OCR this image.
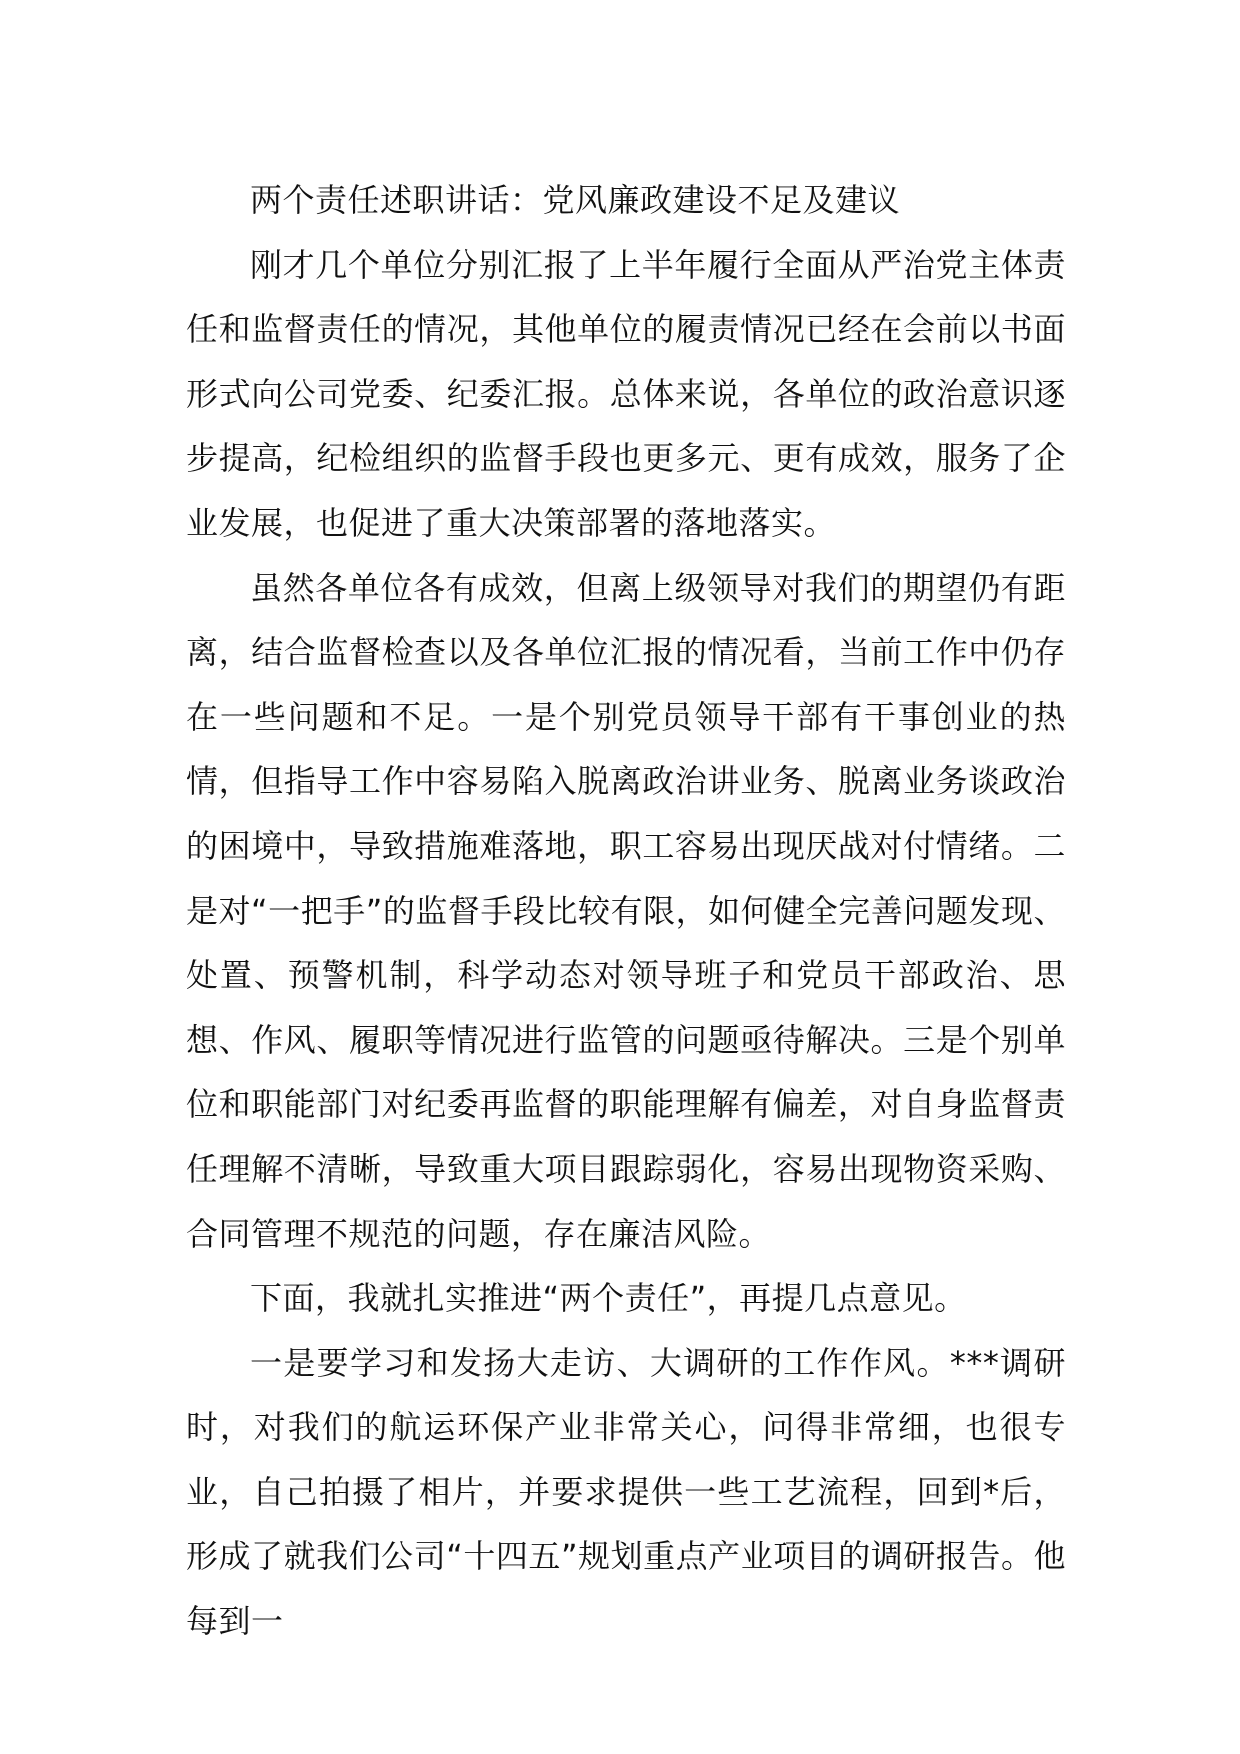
两个责任述职讲话：党风廉政建设不足及建议

刚才几个单位分别汇报了上半年履行全面从严治党主体责任和监督责任的情况，其他单位的履责情况已经在会前以书面形式向公司党委、纪委汇报。总体来说，各单位的政治意识逐步提高，纪检组织的监督手段也更多元、更有成效，服务了企业发展，也促进了重大决策部署的落地落实。

虽然各单位各有成效，但离上级领导对我们的期望仍有距离，结合监督检查以及各单位汇报的情况看，当前工作中仍存在一些问题和不足。一是个别党员领导干部有干事创业的热情，但指导工作中容易陷入脱离政治讲业务、脱离业务谈政治的困境中，导致措施难落地，职工容易出现厌战对付情绪。二是对“一把手”的监督手段比较有限，如何健全完善问题发现、处置、预警机制，科学动态对领导班子和党员干部政治、思想、作风、履职等情况进行监管的问题亟待解决。三是个别单位和职能部门对纪委再监督的职能理解有偏差，对自身监督责任理解不清晰，导致重大项目跟踪弱化，容易出现物资采购、合同管理不规范的问题，存在廉洁风险。

下面，我就扎实推进“两个责任”，再提几点意见。

一是要学习和发扬大走访、大调研的工作作风。***调研时，对我们的航运环保产业非常关心，问得非常细，也很专业，自己拍摄了相片，并要求提供一些工艺流程，回到*后，形成了就我们公司“十四五”规划重点产业项目的调研报告。他每到一
